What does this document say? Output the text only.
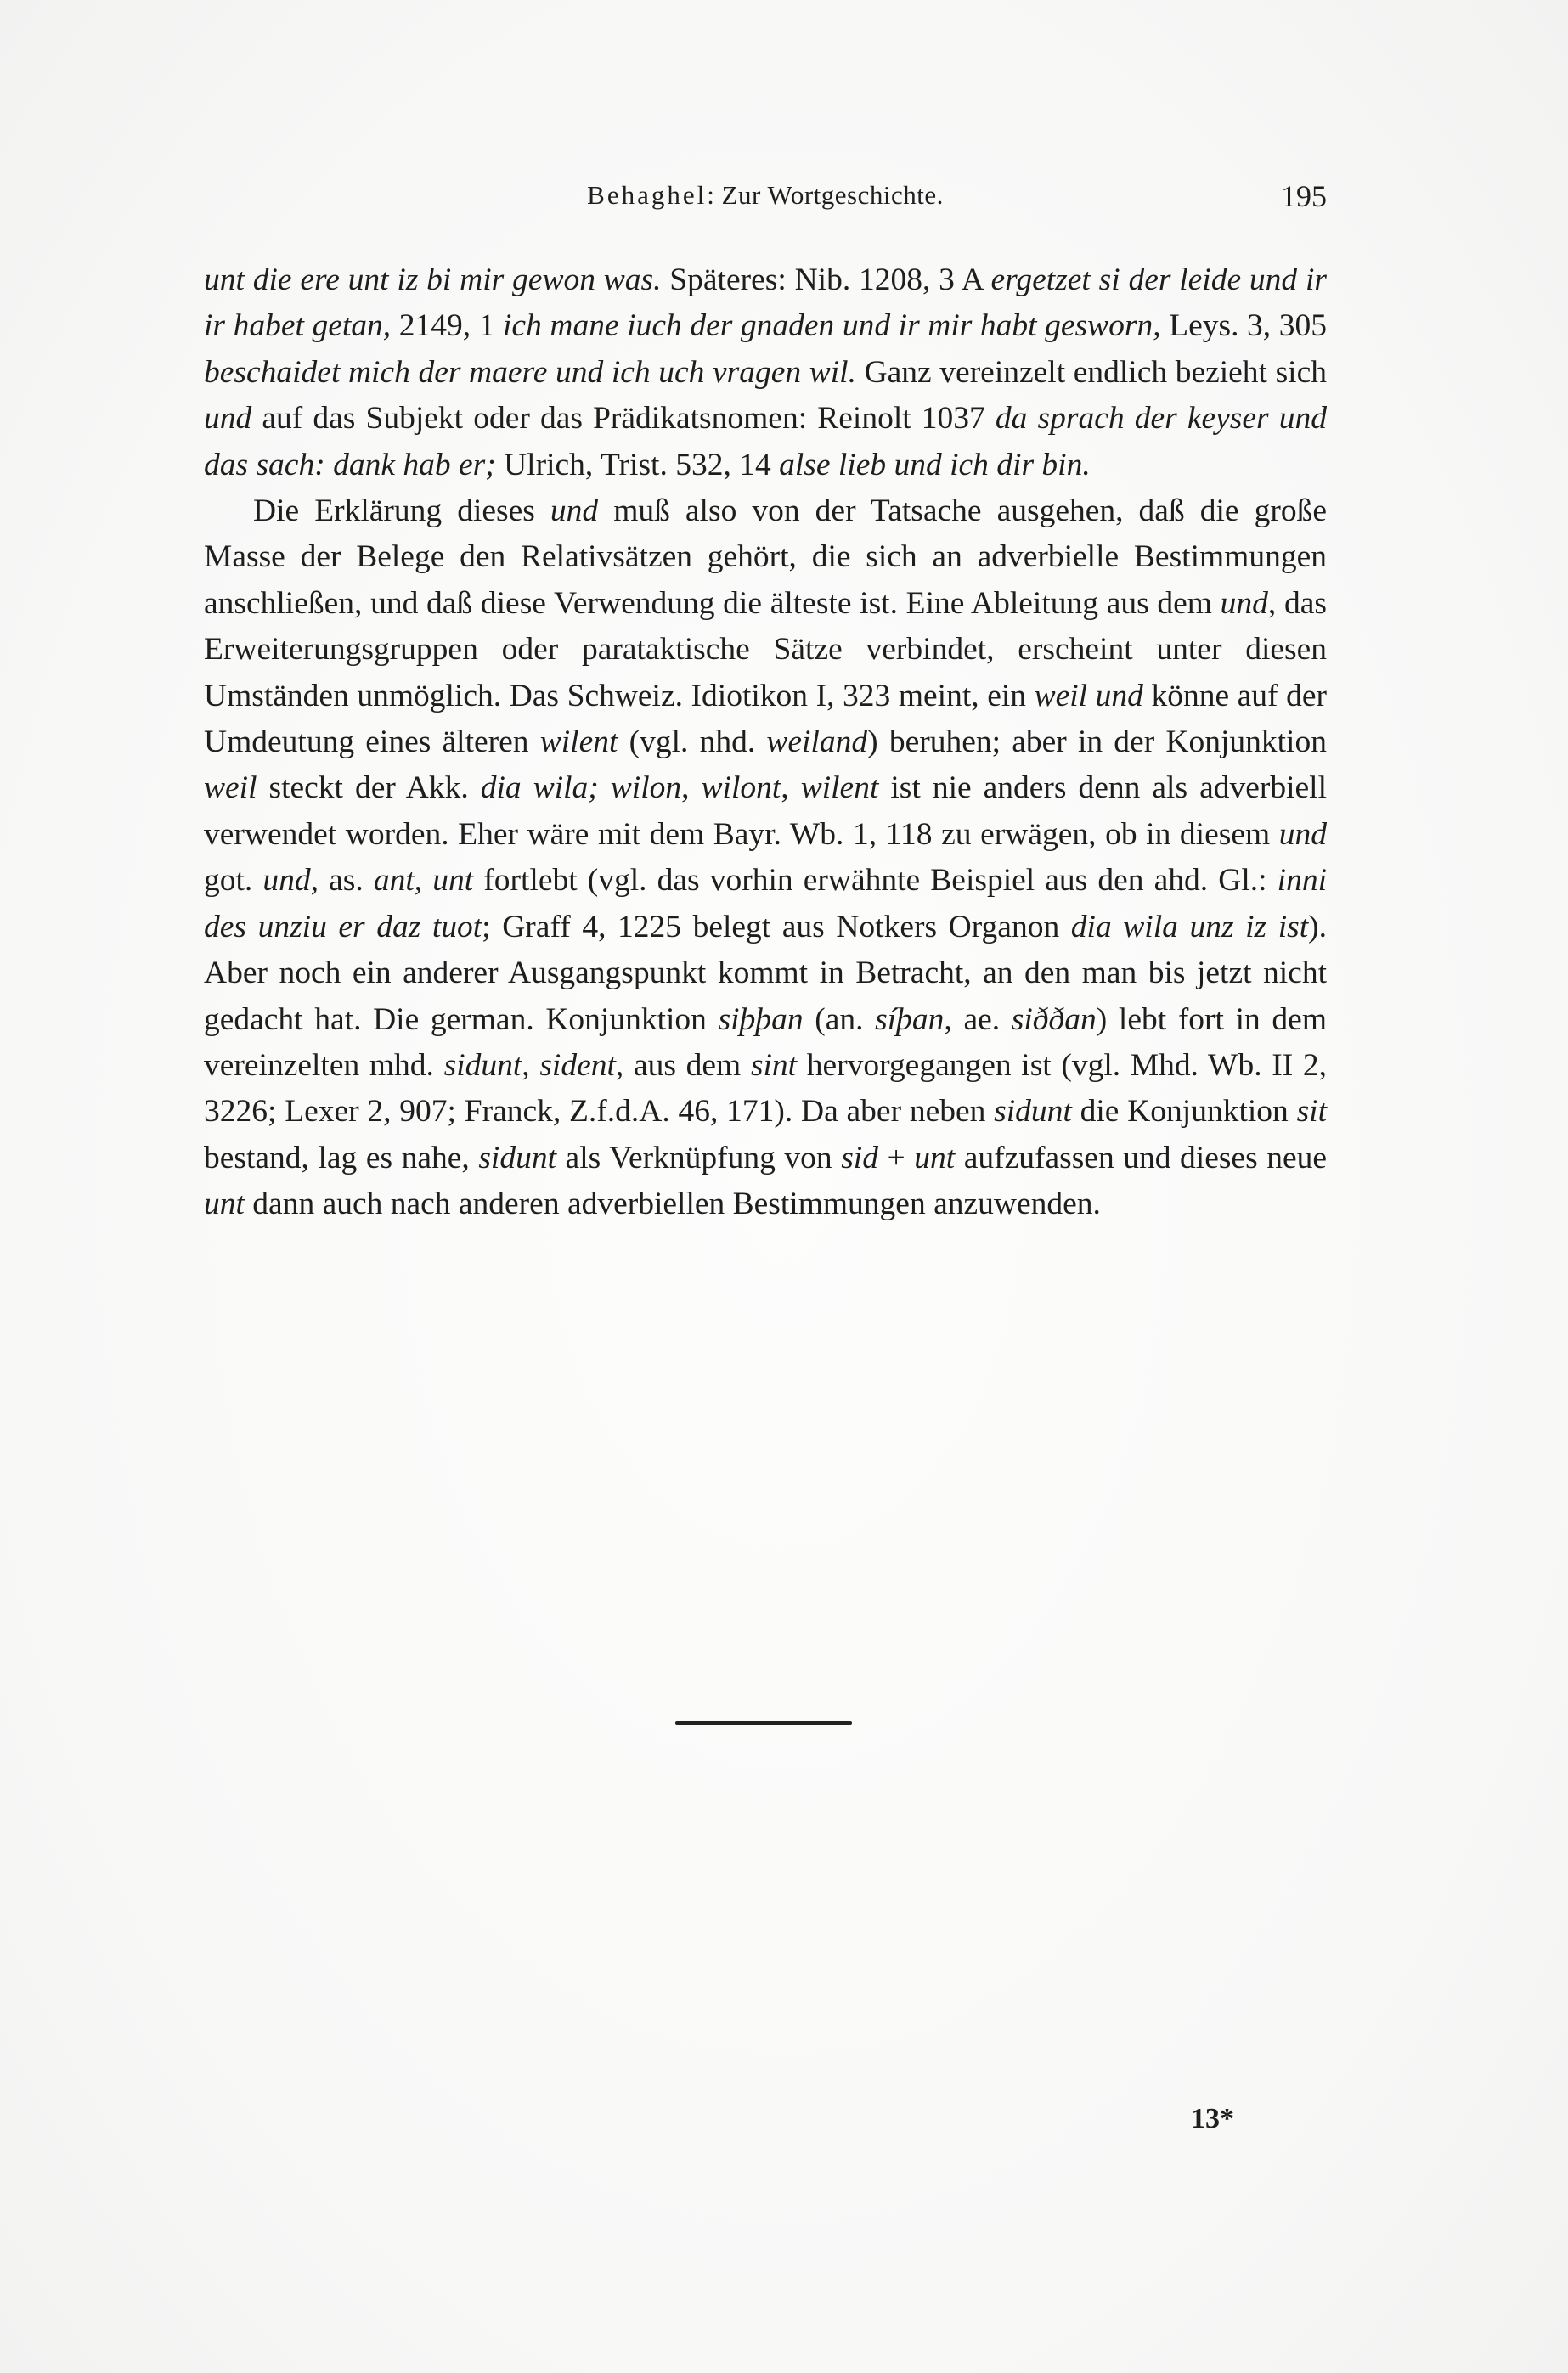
Behaghel: Zur Wortgeschichte.	195

unt die ere unt iz bi mir gewon was. Späteres: Nib. 1208, 3 A ergetzet si der leide und ir ir habet getan, 2149, 1 ich mane iuch der gnaden und ir mir habt gesworn, Leys. 3, 305 beschaidet mich der maere und ich uch vragen wil. Ganz vereinzelt endlich bezieht sich und auf das Subjekt oder das Prädikatsnomen: Reinolt 1037 da sprach der keyser und das sach: dank hab er; Ulrich, Trist. 532, 14 alse lieb und ich dir bin.

Die Erklärung dieses und muß also von der Tatsache ausgehen, daß die große Masse der Belege den Relativsätzen gehört, die sich an adverbielle Bestimmungen anschließen, und daß diese Verwendung die älteste ist. Eine Ableitung aus dem und, das Erweiterungsgruppen oder parataktische Sätze verbindet, erscheint unter diesen Umständen unmöglich. Das Schweiz. Idiotikon I, 323 meint, ein weil und könne auf der Umdeutung eines älteren wilent (vgl. nhd. weiland) beruhen; aber in der Konjunktion weil steckt der Akk. dia wila; wilon, wilont, wilent ist nie anders denn als adverbiell verwendet worden. Eher wäre mit dem Bayr. Wb. 1, 118 zu erwägen, ob in diesem und got. und, as. ant, unt fortlebt (vgl. das vorhin erwähnte Beispiel aus den ahd. Gl.: inni des unziu er daz tuot; Graff 4, 1225 belegt aus Notkers Organon dia wila unz iz ist). Aber noch ein anderer Ausgangspunkt kommt in Betracht, an den man bis jetzt nicht gedacht hat. Die german. Konjunktion siþþan (an. síþan, ae. siððan) lebt fort in dem vereinzelten mhd. sidunt, sident, aus dem sint hervorgegangen ist (vgl. Mhd. Wb. II 2, 3226; Lexer 2, 907; Franck, Z.f.d.A. 46, 171). Da aber neben sidunt die Konjunktion sit bestand, lag es nahe, sidunt als Verknüpfung von sid + unt aufzufassen und dieses neue unt dann auch nach anderen adverbiellen Bestimmungen anzuwenden.

13*
